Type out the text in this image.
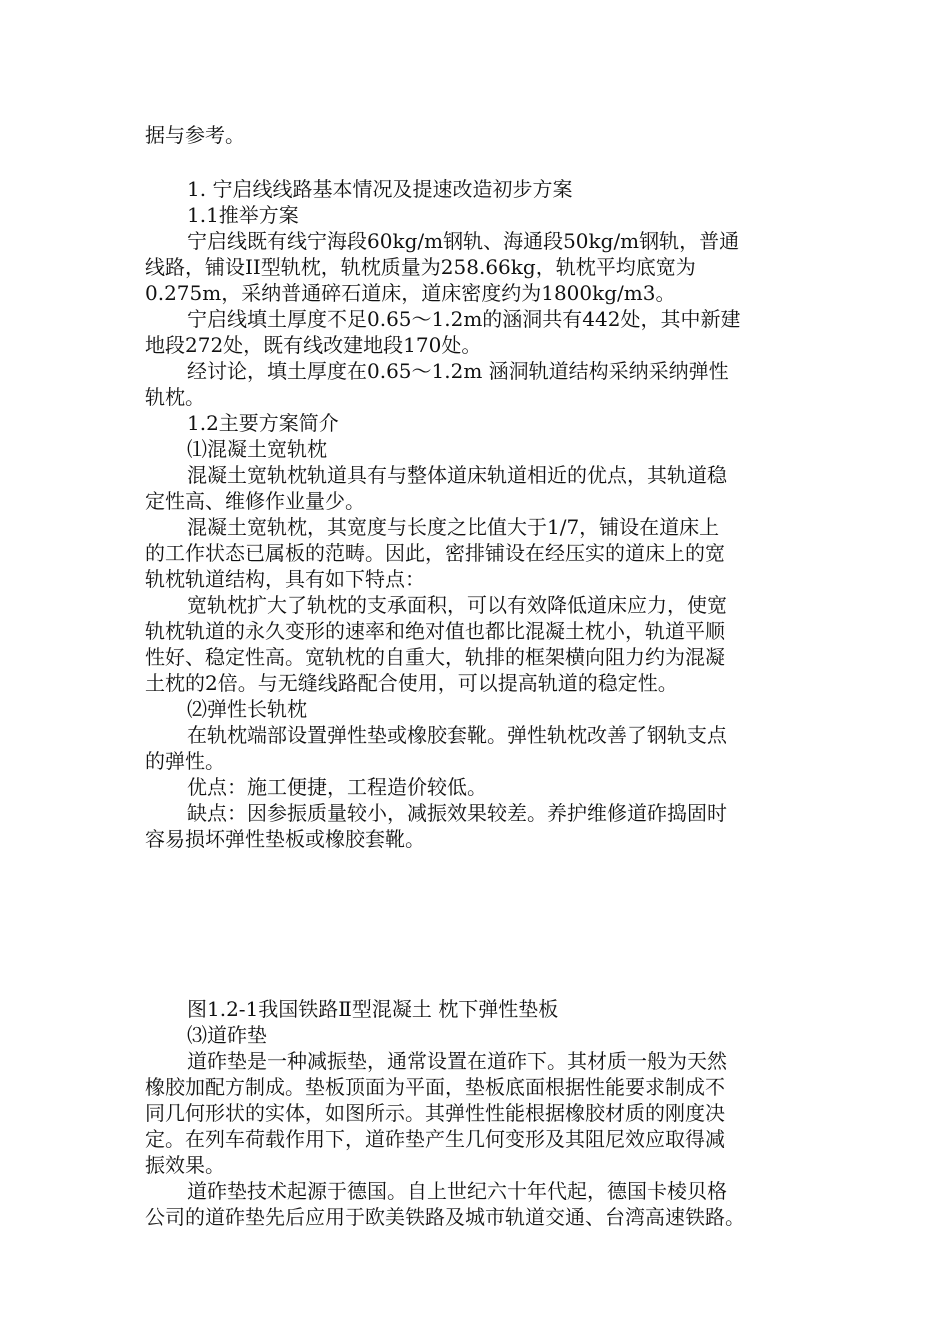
据与参考。
1. 宁启线线路基本情况及提速改造初步方案
1.1推举方案
宁启线既有线宁海段60kg/m钢轨、海通段50kg/m钢轨，普通
线路，铺设II型轨枕，轨枕质量为258.66kg，轨枕平均底宽为
0.275m，采纳普通碎石道床，道床密度约为1800kg/m3。
宁启线填土厚度不足0.65～1.2m的涵洞共有442处，其中新建
地段272处，既有线改建地段170处。
经讨论，填土厚度在0.65～1.2m 涵洞轨道结构采纳采纳弹性
轨枕。
1.2主要方案简介
⑴混凝土宽轨枕
混凝土宽轨枕轨道具有与整体道床轨道相近的优点，其轨道稳
定性高、维修作业量少。
混凝土宽轨枕，其宽度与长度之比值大于1/7，铺设在道床上
的工作状态已属板的范畴。因此，密排铺设在经压实的道床上的宽
轨枕轨道结构，具有如下特点：
宽轨枕扩大了轨枕的支承面积，可以有效降低道床应力，使宽
轨枕轨道的永久变形的速率和绝对值也都比混凝土枕小，轨道平顺
性好、稳定性高。宽轨枕的自重大，轨排的框架横向阻力约为混凝
土枕的2倍。与无缝线路配合使用，可以提高轨道的稳定性。
⑵弹性长轨枕
在轨枕端部设置弹性垫或橡胶套靴。弹性轨枕改善了钢轨支点
的弹性。
优点：施工便捷，工程造价较低。
缺点：因参振质量较小，减振效果较差。养护维修道砟捣固时
容易损坏弹性垫板或橡胶套靴。
图1.2-1我国铁路Ⅱ型混凝土 枕下弹性垫板
⑶道砟垫
道砟垫是一种减振垫，通常设置在道砟下。其材质一般为天然
橡胶加配方制成。垫板顶面为平面，垫板底面根据性能要求制成不
同几何形状的实体，如图所示。其弹性性能根据橡胶材质的刚度决
定。在列车荷载作用下，道砟垫产生几何变形及其阻尼效应取得减
振效果。
道砟垫技术起源于德国。自上世纪六十年代起，德国卡棱贝格
公司的道砟垫先后应用于欧美铁路及城市轨道交通、台湾高速铁路。
